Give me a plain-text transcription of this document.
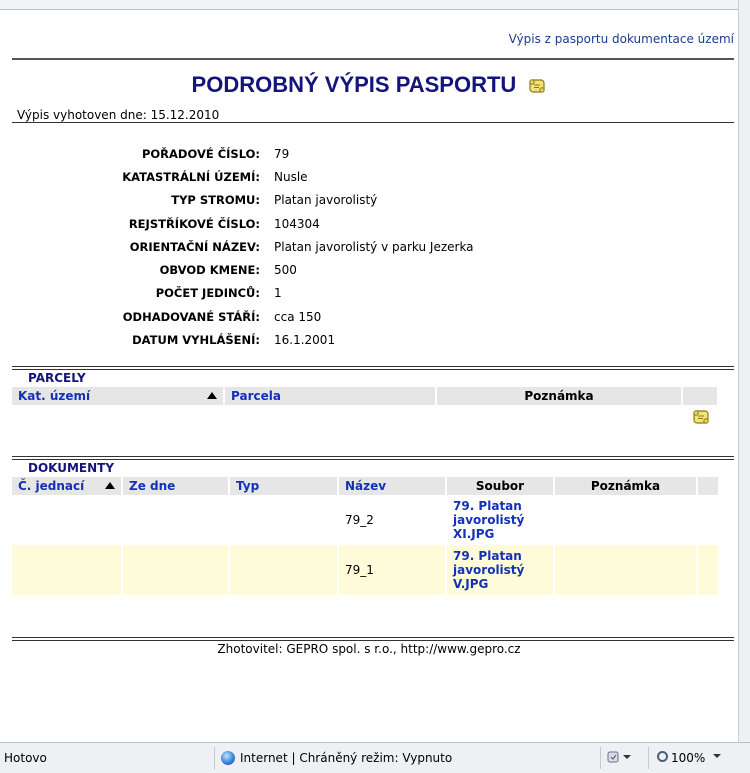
Výpis z pasportu dokumentace území
PODROBNÝ VÝPIS PASPORTU
Výpis vyhotoven dne: 15.12.2010
POŘADOVÉ ČÍSLO:	79
KATASTRÁLNÍ ÚZEMÍ:	Nusle
TYP STROMU:	Platan javorolistý
REJSTŘÍKOVÉ ČÍSLO:	104304
ORIENTAČNÍ NÁZEV:	Platan javorolistý v parku Jezerka
OBVOD KMENE:	500
POČET JEDINCŮ:	1
ODHADOVANÉ STÁŘÍ:	cca 150
DATUM VYHLÁŠENÍ:	16.1.2001
PARCELY
Kat. území	Parcela	Poznámka		
DOKUMENTY
Č. jednací	Ze dne	Typ	Název	Soubor	Poznámka		
			79_2	79. Platan javorolistý XI.JPG			
			79_1	79. Platan javorolistý V.JPG			
Zhotovitel: GEPRO spol. s r.o., http://www.gepro.cz
Hotovo	Internet | Chráněný režim: Vypnuto	100%
